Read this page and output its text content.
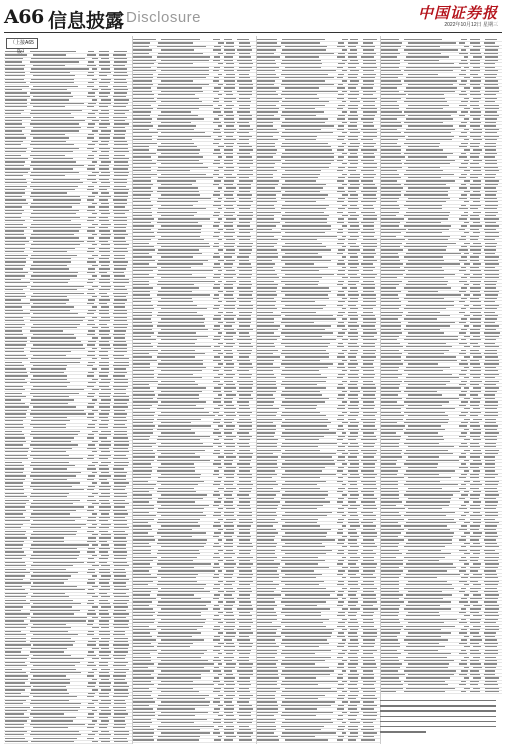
A66 信息披露 Disclosure	中国证券报
2022年10月12日 星期三
（上接A65版）
